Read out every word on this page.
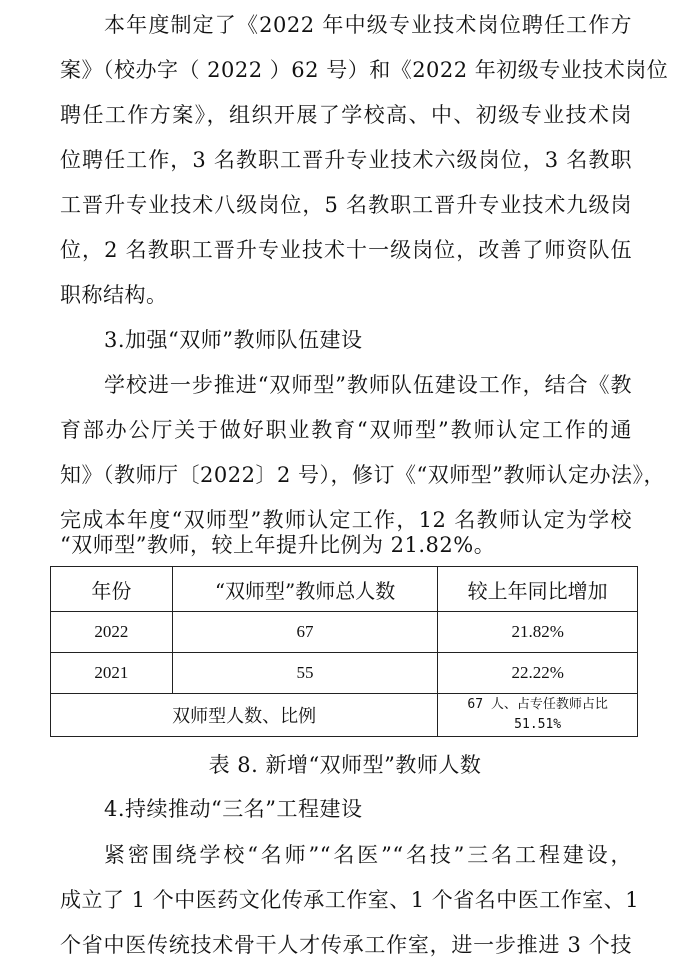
本年度制定了《2022 年中级专业技术岗位聘任工作方
案》（校办字（ 2022 ）62 号）和《2022 年初级专业技术岗位
聘任工作方案》，组织开展了学校高、中、初级专业技术岗
位聘任工作，3 名教职工晋升专业技术六级岗位，3 名教职
工晋升专业技术八级岗位，5 名教职工晋升专业技术九级岗
位，2 名教职工晋升专业技术十一级岗位，改善了师资队伍
职称结构。
3.加强“双师”教师队伍建设
学校进一步推进“双师型”教师队伍建设工作，结合《教
育部办公厅关于做好职业教育“双师型”教师认定工作的通
知》（教师厅〔2022〕2 号），修订《“双师型”教师认定办法》，
完成本年度“双师型”教师认定工作，12 名教师认定为学校
“双师型”教师，较上年提升比例为 21.82%。
年份	“双师型”教师总人数	较上年同比增加
2022	67	21.82%
2021	55	22.22%
双师型人数、比例		67 人、占专任教师占比
51.51%
表 8. 新增“双师型”教师人数
4.持续推动“三名”工程建设
紧密围绕学校“名师”“名医”“名技”三名工程建设，
成立了 1 个中医药文化传承工作室、1 个省名中医工作室、1
个省中医传统技术骨干人才传承工作室，进一步推进 3 个技
